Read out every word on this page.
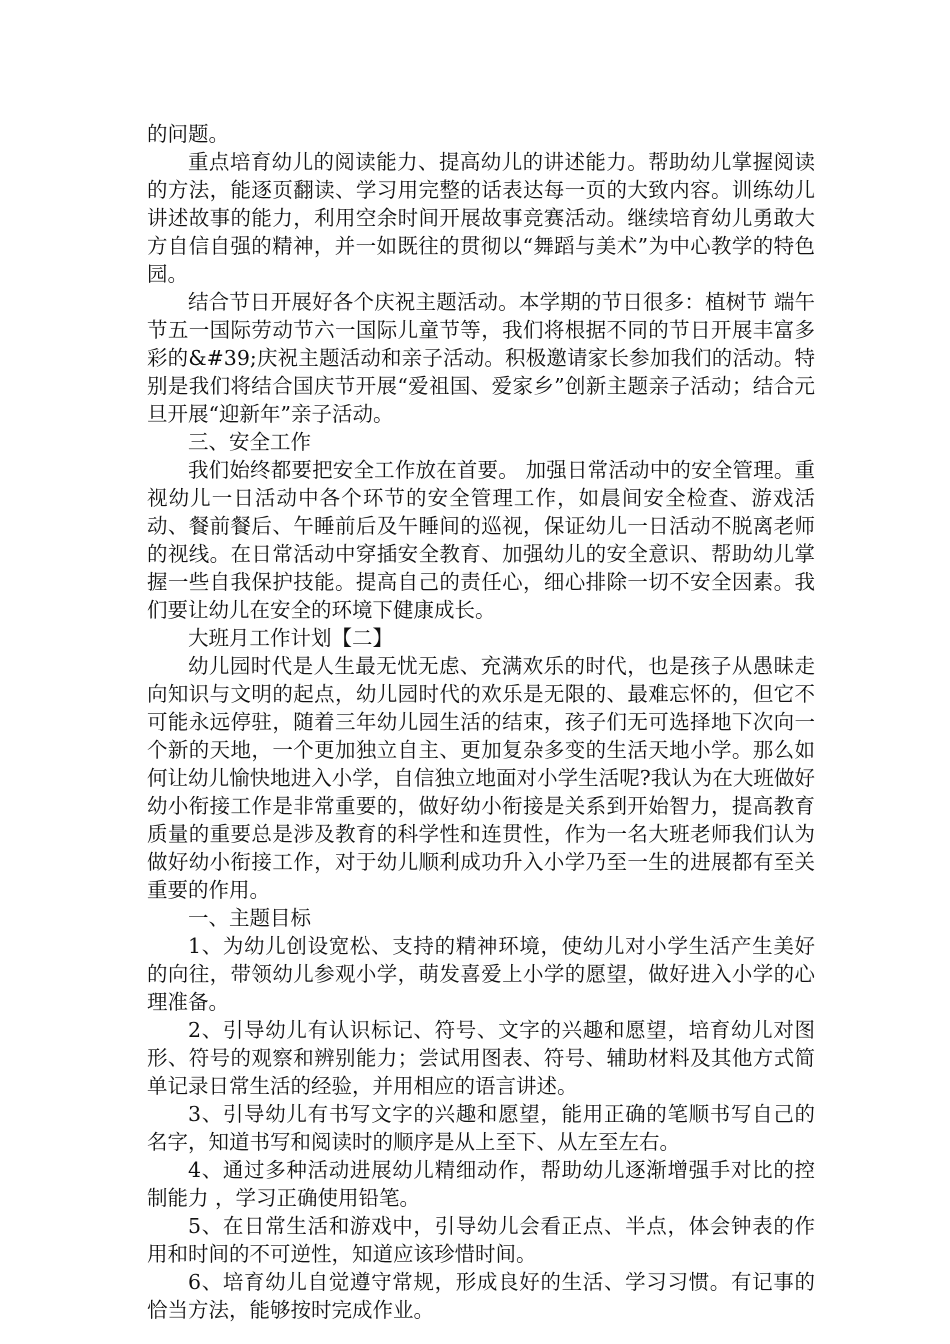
的问题。

重点培育幼儿的阅读能力、提高幼儿的讲述能力。帮助幼儿掌握阅读的方法，能逐页翻读、学习用完整的话表达每一页的大致内容。训练幼儿讲述故事的能力，利用空余时间开展故事竞赛活动。继续培育幼儿勇敢大方自信自强的精神，并一如既往的贯彻以“舞蹈与美术”为中心教学的特色园。

结合节日开展好各个庆祝主题活动。本学期的节日很多：植树节 端午节五一国际劳动节六一国际儿童节等，我们将根据不同的节日开展丰富多彩的&#39;庆祝主题活动和亲子活动。积极邀请家长参加我们的活动。特别是我们将结合国庆节开展“爱祖国、爱家乡”创新主题亲子活动；结合元旦开展“迎新年”亲子活动。

三、安全工作

我们始终都要把安全工作放在首要。 加强日常活动中的安全管理。重视幼儿一日活动中各个环节的安全管理工作，如晨间安全检查、游戏活动、餐前餐后、午睡前后及午睡间的巡视，保证幼儿一日活动不脱离老师的视线。在日常活动中穿插安全教育、加强幼儿的安全意识、帮助幼儿掌握一些自我保护技能。提高自己的责任心，细心排除一切不安全因素。我们要让幼儿在安全的环境下健康成长。

大班月工作计划【二】

幼儿园时代是人生最无忧无虑、充满欢乐的时代，也是孩子从愚昧走向知识与文明的起点，幼儿园时代的欢乐是无限的、最难忘怀的，但它不可能永远停驻，随着三年幼儿园生活的结束，孩子们无可选择地下次向一个新的天地，一个更加独立自主、更加复杂多变的生活天地小学。那么如何让幼儿愉快地进入小学，自信独立地面对小学生活呢?我认为在大班做好幼小衔接工作是非常重要的，做好幼小衔接是关系到开始智力，提高教育质量的重要总是涉及教育的科学性和连贯性，作为一名大班老师我们认为做好幼小衔接工作，对于幼儿顺利成功升入小学乃至一生的进展都有至关重要的作用。

一、主题目标

1、为幼儿创设宽松、支持的精神环境，使幼儿对小学生活产生美好的向往，带领幼儿参观小学，萌发喜爱上小学的愿望，做好进入小学的心理准备。

2、引导幼儿有认识标记、符号、文字的兴趣和愿望，培育幼儿对图形、符号的观察和辨别能力；尝试用图表、符号、辅助材料及其他方式简单记录日常生活的经验，并用相应的语言讲述。

3、引导幼儿有书写文字的兴趣和愿望，能用正确的笔顺书写自己的名字，知道书写和阅读时的顺序是从上至下、从左至左右。

4、通过多种活动进展幼儿精细动作，帮助幼儿逐渐增强手对比的控制能力 ，学习正确使用铅笔。

5、在日常生活和游戏中，引导幼儿会看正点、半点，体会钟表的作用和时间的不可逆性，知道应该珍惜时间。

6、培育幼儿自觉遵守常规，形成良好的生活、学习习惯。有记事的恰当方法，能够按时完成作业。
